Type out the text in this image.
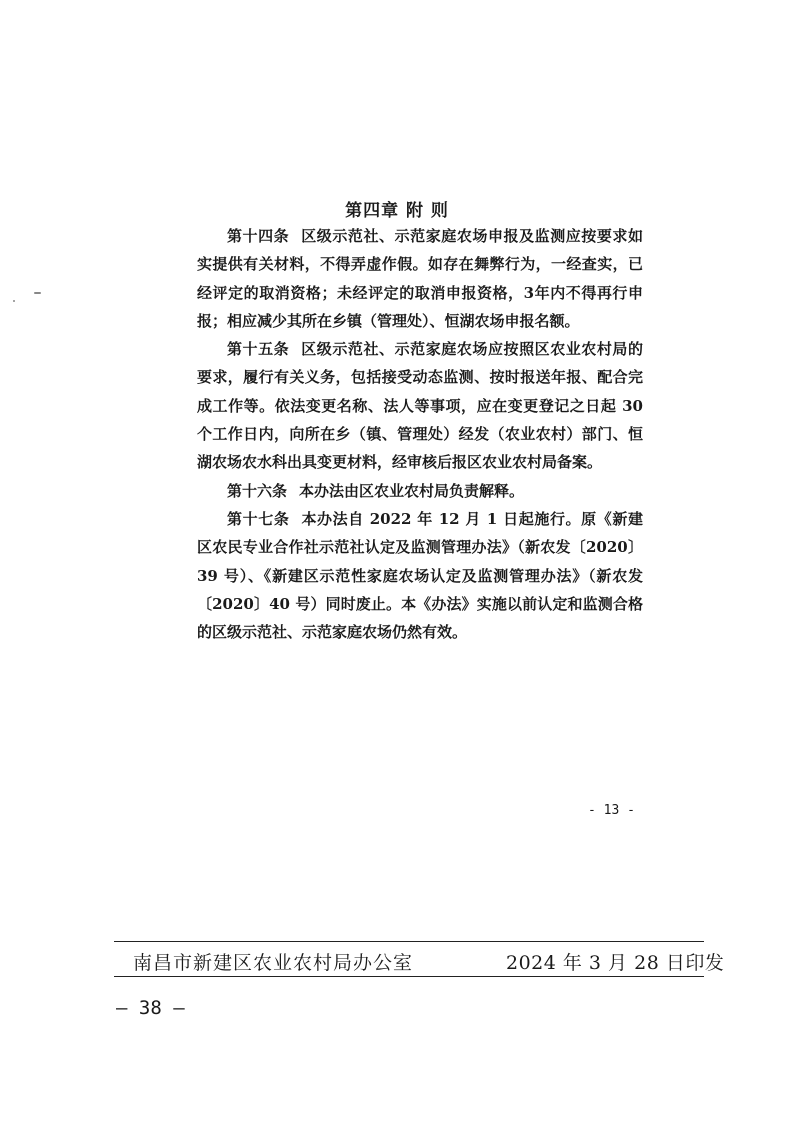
第四章 附 则

第十四条 区级示范社、示范家庭农场申报及监测应按要求如实提供有关材料，不得弄虚作假。如存在舞弊行为，一经查实，已经评定的取消资格；未经评定的取消申报资格，3年内不得再行申报；相应减少其所在乡镇（管理处）、恒湖农场申报名额。

第十五条 区级示范社、示范家庭农场应按照区农业农村局的要求，履行有关义务，包括接受动态监测、按时报送年报、配合完成工作等。依法变更名称、法人等事项，应在变更登记之日起 30 个工作日内，向所在乡（镇、管理处）经发（农业农村）部门、恒湖农场农水科出具变更材料，经审核后报区农业农村局备案。

第十六条 本办法由区农业农村局负责解释。

第十七条 本办法自 2022 年 12 月 1 日起施行。原《新建区农民专业合作社示范社认定及监测管理办法》（新农发〔2020〕39 号）、《新建区示范性家庭农场认定及监测管理办法》（新农发〔2020〕40 号）同时废止。本《办法》实施以前认定和监测合格的区级示范社、示范家庭农场仍然有效。

- 13 -
南昌市新建区农业农村局办公室	2024 年 3 月 28 日印发
— 38 —
